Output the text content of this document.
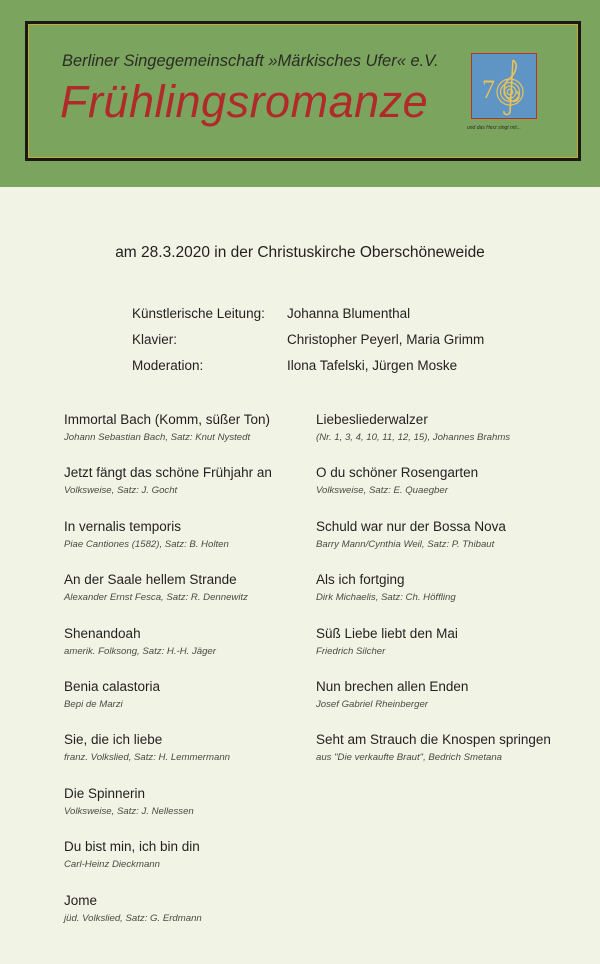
Berliner Singegemeinschaft »Märkisches Ufer« e.V.
Frühlingsromanze 7
und das Herz singt mit...
am 28.3.2020 in der Christuskirche Oberschöneweide
Künstlerische Leitung: Johanna Blumenthal
Klavier:	Christopher Peyerl, Maria Grimm
Moderation:	Ilona Tafelski, Jürgen Moske
Immortal Bach (Komm, süßer Ton)
Johann Sebastian Bach, Satz: Knut Nystedt
Jetzt fängt das schöne Frühjahr an
Volksweise, Satz: J. Gocht
In vernalis temporis
Piae Cantiones (1582), Satz: B. Holten
An der Saale hellem Strande
Alexander Ernst Fesca, Satz: R. Dennewitz
Shenandoah
amerik. Folksong, Satz: H.-H. Jäger
Benia calastoria
Bepi de Marzi
Sie, die ich liebe
franz. Volkslied, Satz: H. Lemmermann
Die Spinnerin
Volksweise, Satz: J. Nellessen
Du bist min, ich bin din
Carl-Heinz Dieckmann
Jome
jüd. Volkslied, Satz: G. Erdmann
Liebesliederwalzer
(Nr. 1, 3, 4, 10, 11, 12, 15), Johannes Brahms
O du schöner Rosengarten
Volksweise, Satz: E. Quaegber
Schuld war nur der Bossa Nova
Barry Mann/Cynthia Weil, Satz: P. Thibaut
Als ich fortging
Dirk Michaelis, Satz: Ch. Höffling
Süß Liebe liebt den Mai
Friedrich Silcher
Nun brechen allen Enden
Josef Gabriel Rheinberger
Seht am Strauch die Knospen springen
aus "Die verkaufte Braut", Bedrich Smetana
